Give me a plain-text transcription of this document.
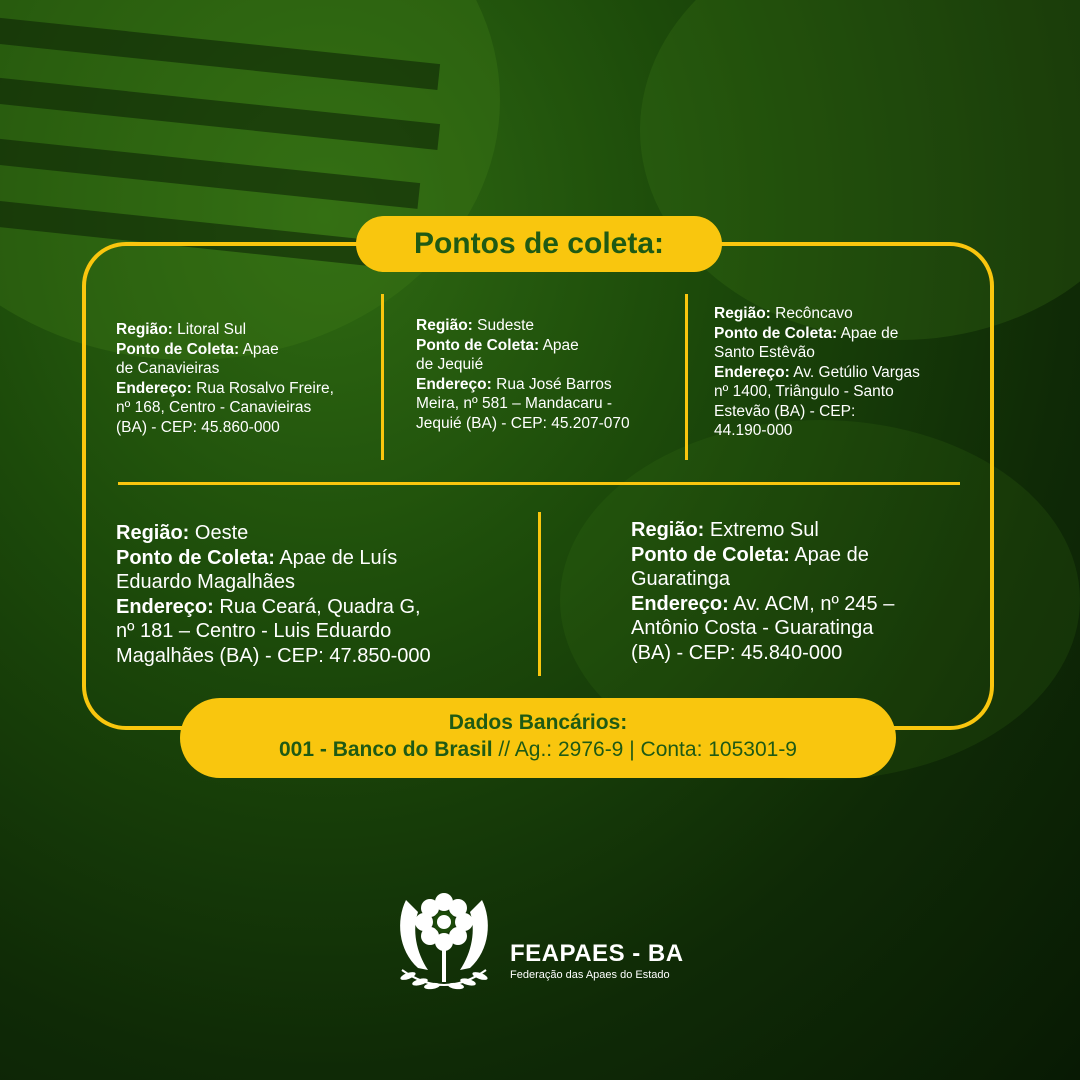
Pontos de coleta:

Região: Litoral Sul

Ponto de Coleta: Apae

de Canavieiras

Endereço: Rua Rosalvo Freire,

nº 168, Centro - Canavieiras

(BA) - CEP: 45.860-000

Região: Sudeste

Ponto de Coleta: Apae

de Jequié

Endereço: Rua José Barros

Meira, nº 581 – Mandacaru -

Jequié (BA) - CEP: 45.207-070

Região: Recôncavo

Ponto de Coleta: Apae de

Santo Estêvão

Endereço: Av. Getúlio Vargas

nº 1400, Triângulo - Santo

Estevão (BA) - CEP:

44.190-000

Região: Oeste

Ponto de Coleta: Apae de Luís

Eduardo Magalhães

Endereço: Rua Ceará, Quadra G,

nº 181 – Centro - Luis Eduardo

Magalhães (BA) - CEP: 47.850-000

Região: Extremo Sul

Ponto de Coleta: Apae de

Guaratinga

Endereço: Av. ACM, nº 245 –

Antônio Costa - Guaratinga

(BA) - CEP: 45.840-000

Dados Bancários:
001 - Banco do Brasil // Ag.: 2976-9 | Conta: 105301-9
FEAPAES - BA
Federação das Apaes do Estado
